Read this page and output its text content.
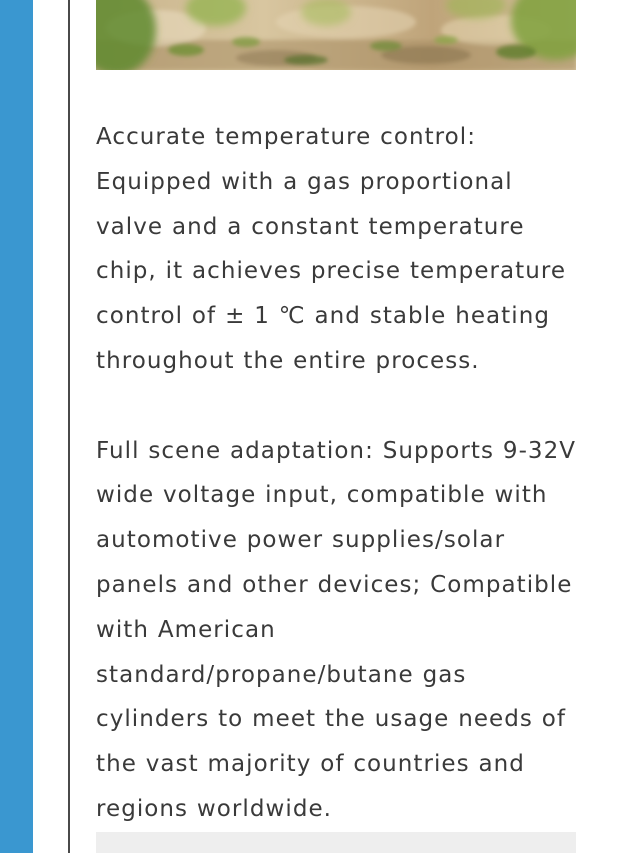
Accurate temperature control: Equipped with a gas proportional valve and a constant temperature chip, it achieves precise temperature control of ± 1 ℃ and stable heating throughout the entire process.

Full scene adaptation: Supports 9-32V wide voltage input, compatible with automotive power supplies/solar panels and other devices; Compatible with American standard/propane/butane gas cylinders to meet the usage needs of the vast majority of countries and regions worldwide.
